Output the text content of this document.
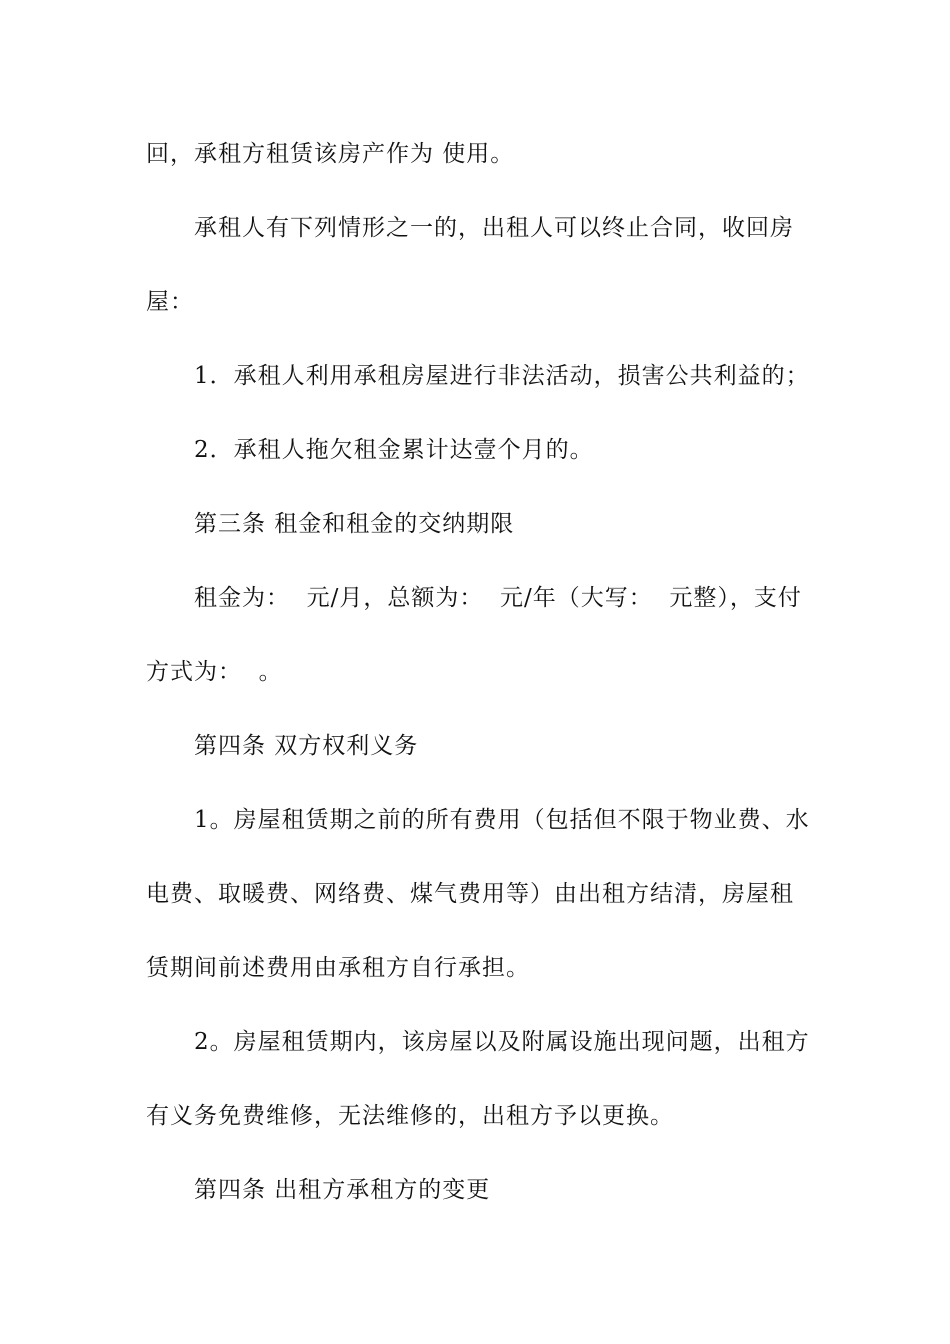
回，承租方租赁该房产作为 使用。
承租人有下列情形之一的，出租人可以终止合同，收回房
屋：
1．承租人利用承租房屋进行非法活动，损害公共利益的；
2．承租人拖欠租金累计达壹个月的。
第三条 租金和租金的交纳期限
租金为：  元/月，总额为：  元/年（大写：  元整），支付
方式为：  。
第四条 双方权利义务
1。房屋租赁期之前的所有费用（包括但不限于物业费、水
电费、取暖费、网络费、煤气费用等）由出租方结清，房屋租
赁期间前述费用由承租方自行承担。
2。房屋租赁期内，该房屋以及附属设施出现问题，出租方
有义务免费维修，无法维修的，出租方予以更换。
第四条 出租方承租方的变更
